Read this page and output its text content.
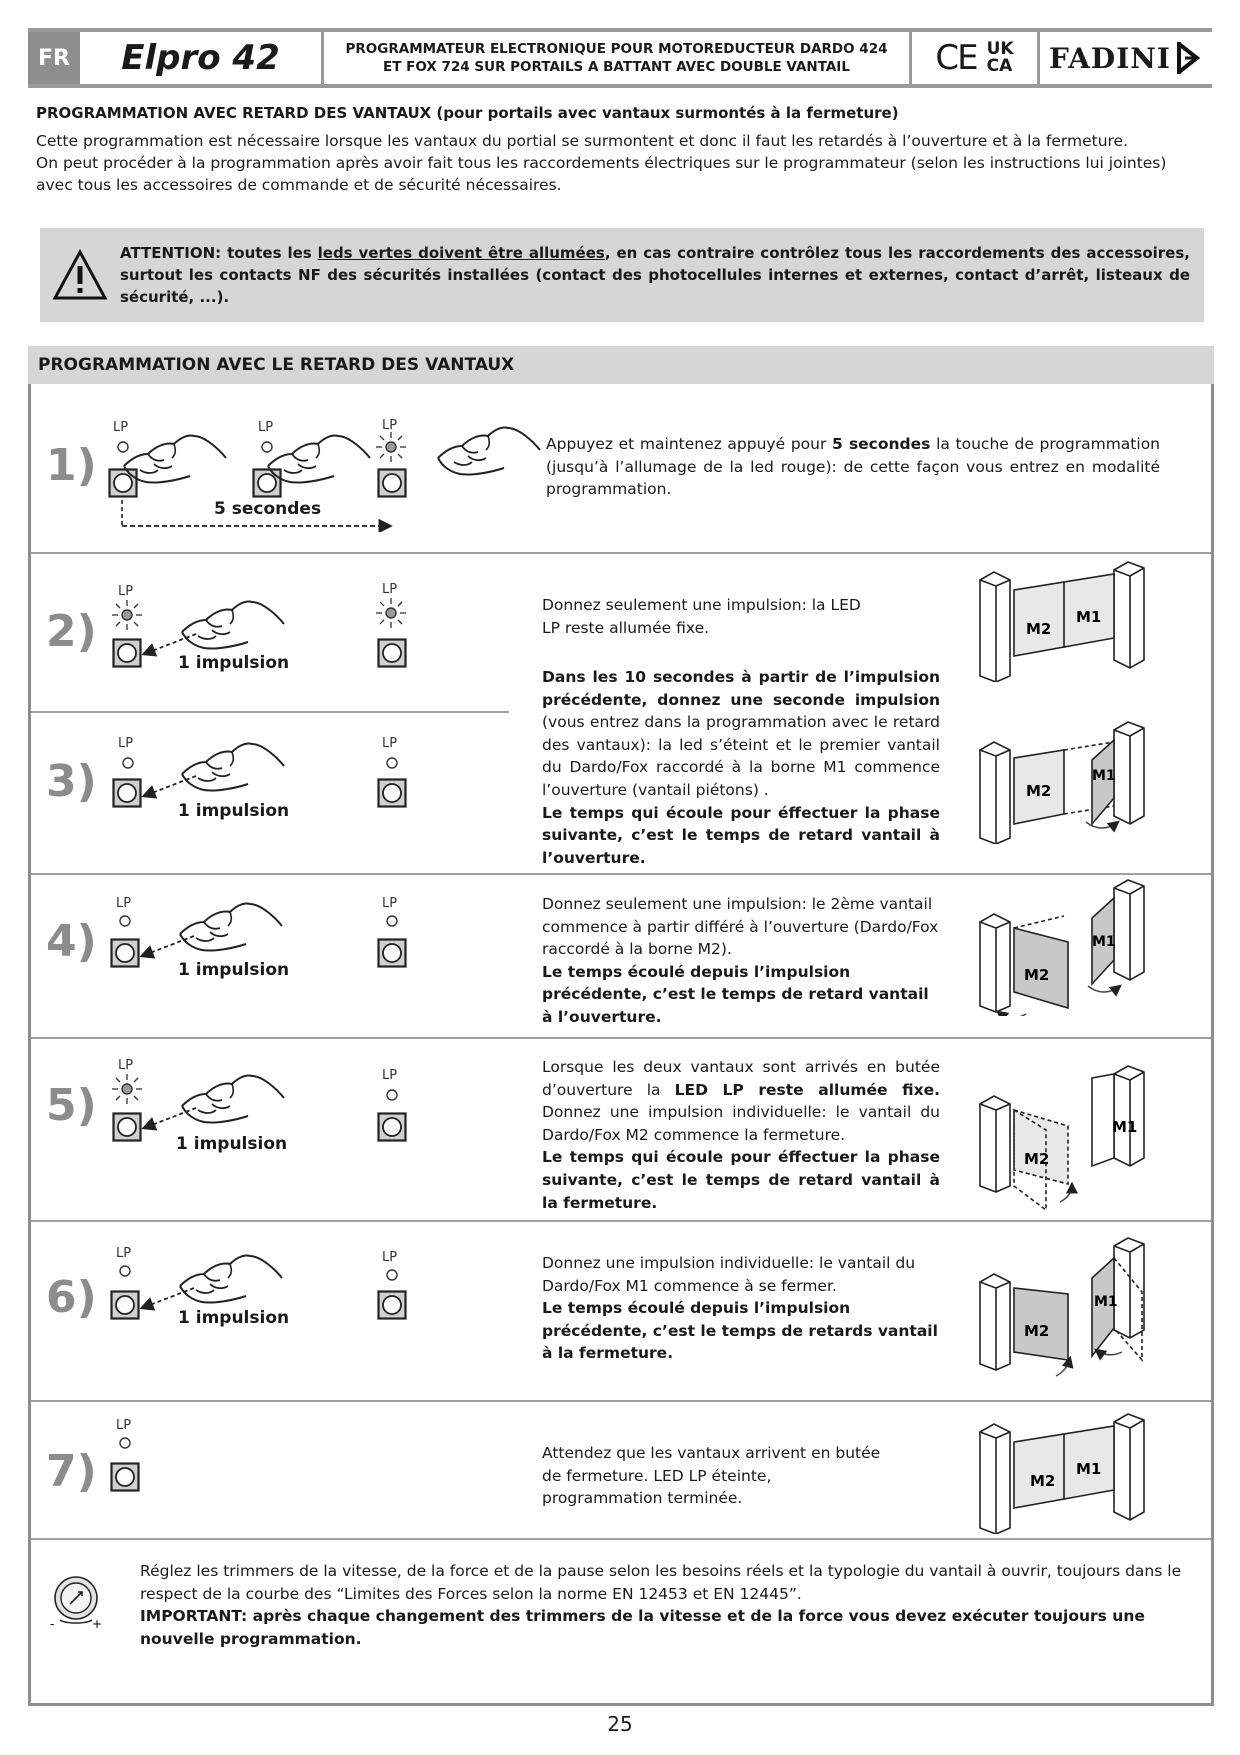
FR	Elpro 42	PROGRAMMATEUR ELECTRONIQUE POUR MOTOREDUCTEUR DARDO 424
ET FOX 724 SUR PORTAILS A BATTANT AVEC DOUBLE VANTAIL	CE UK
CA FADINI
PROGRAMMATION AVEC RETARD DES VANTAUX (pour portails avec vantaux surmontés à la fermeture)
Cette programmation est nécessaire lorsque les vantaux du portial se surmontent et donc il faut les retardés à l’ouverture et à la fermeture.
On peut procéder à la programmation après avoir fait tous les raccordements électriques sur le programmateur (selon les instructions lui jointes) avec tous les accessoires de commande et de sécurité nécessaires.
ATTENTION: toutes les leds vertes doivent être allumées, en cas contraire contrôlez tous les raccordements des accessoires, surtout les contacts NF des sécurités installées (contact des photocellules internes et externes, contact d’arrêt, listeaux de sécurité, ...).
PROGRAMMATION AVEC LE RETARD DES VANTAUX
1)
LP	LP	LP
5 secondes
Appuyez et maintenez appuyé pour 5 secondes la touche de programmation (jusqu’à l’allumage de la led rouge): de cette façon vous entrez en modalité programmation.
2)
LP
1 impulsion
LP
Donnez seulement une impulsion: la LED LP reste allumée fixe.
3)
LP
1 impulsion
LP
Dans les 10 secondes à partir de l’impulsion précédente, donnez une seconde impulsion (vous entrez dans la programmation avec le retard des vantaux): la led s’éteint et le premier vantail du Dardo/Fox raccordé à la borne M1 commence l’ouverture (vantail piétons) .
Le temps qui écoule pour éffectuer la phase suivante, c’est le temps de retard vantail à l’ouverture.
4)
LP
1 impulsion
LP	Donnez seulement une impulsion: le 2ème vantail commence à partir différé à l’ouverture (Dardo/Fox raccordé à la borne M2).
Le temps écoulé depuis l’impulsion précédente, c’est le temps de retard vantail à l’ouverture.
5)
LP
1 impulsion
LP	Lorsque les deux vantaux sont arrivés en butée d’ouverture la LED LP reste allumée fixe. Donnez une impulsion individuelle: le vantail du Dardo/Fox M2 commence la fermeture.
Le temps qui écoule pour éffectuer la phase suivante, c’est le temps de retard vantail à la fermeture.
6)
LP
1 impulsion
LP	Donnez une impulsion individuelle: le vantail du Dardo/Fox M1 commence à se fermer.
Le temps écoulé depuis l’impulsion précédente, c’est le temps de retards vantail à la fermeture.
7)
LP
Attendez que les vantaux arrivent en butée de fermeture. LED LP éteinte, programmation terminée.
M2
M1
M2
M1
M2
M1
M2
M1
M2
M1
M2
M1
-	+
Réglez les trimmers de la vitesse, de la force et de la pause selon les besoins réels et la typologie du vantail à ouvrir, toujours dans le respect de la courbe des “Limites des Forces selon la norme EN 12453 et EN 12445”.
IMPORTANT: après chaque changement des trimmers de la vitesse et de la force vous devez exécuter toujours une nouvelle programmation.
25
